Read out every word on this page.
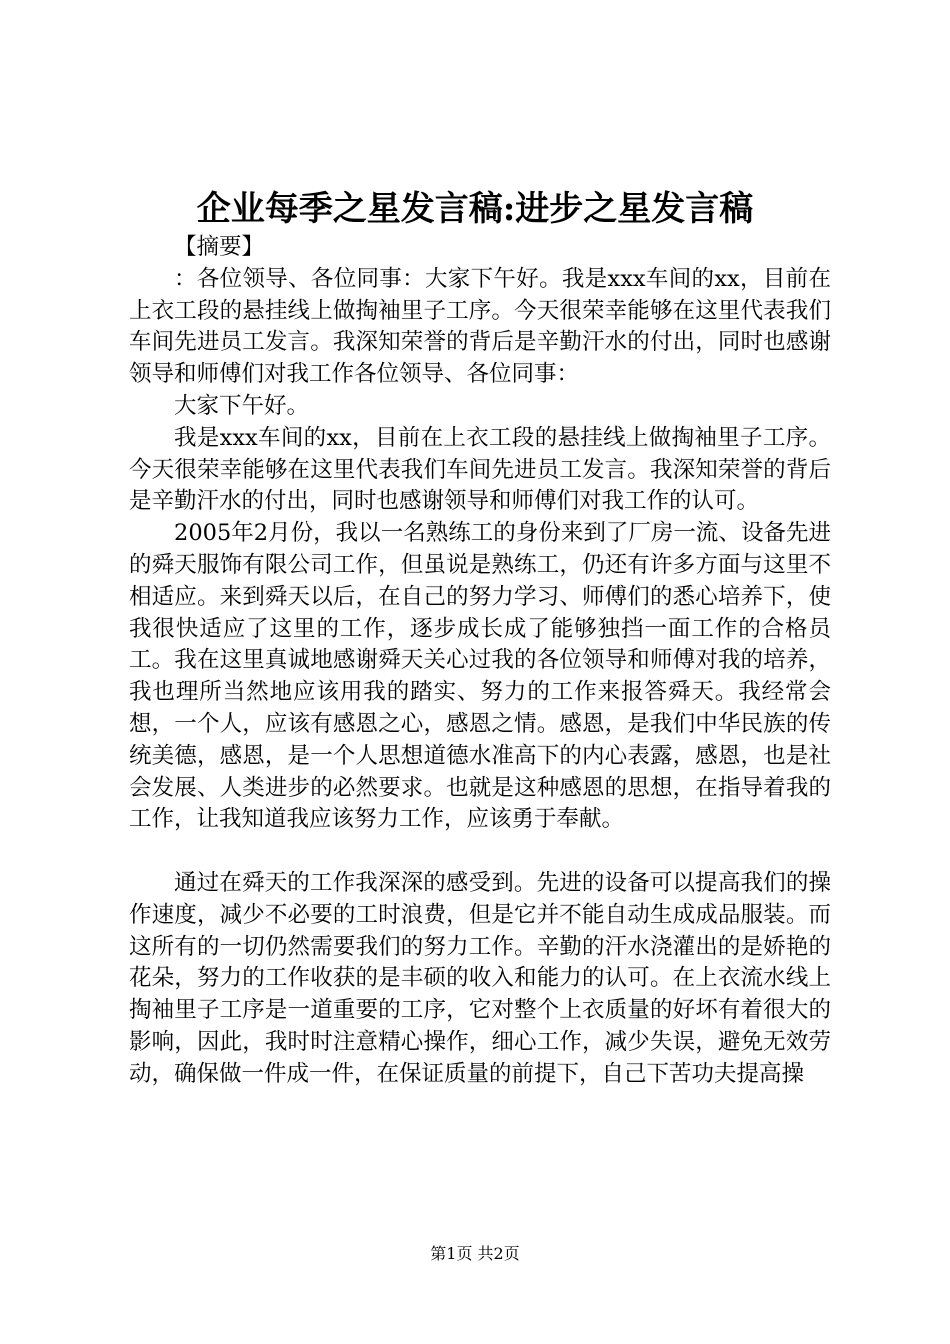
企业每季之星发言稿:进步之星发言稿

【摘要】

：各位领导、各位同事：大家下午好。我是xxx车间的xx，目前在上衣工段的悬挂线上做掏袖里子工序。今天很荣幸能够在这里代表我们车间先进员工发言。我深知荣誉的背后是辛勤汗水的付出，同时也感谢领导和师傅们对我工作各位领导、各位同事：

大家下午好。

我是xxx车间的xx，目前在上衣工段的悬挂线上做掏袖里子工序。今天很荣幸能够在这里代表我们车间先进员工发言。我深知荣誉的背后是辛勤汗水的付出，同时也感谢领导和师傅们对我工作的认可。

2005年2月份，我以一名熟练工的身份来到了厂房一流、设备先进的舜天服饰有限公司工作，但虽说是熟练工，仍还有许多方面与这里不相适应。来到舜天以后，在自己的努力学习、师傅们的悉心培养下，使我很快适应了这里的工作，逐步成长成了能够独挡一面工作的合格员工。我在这里真诚地感谢舜天关心过我的各位领导和师傅对我的培养，我也理所当然地应该用我的踏实、努力的工作来报答舜天。我经常会想，一个人，应该有感恩之心，感恩之情。感恩，是我们中华民族的传统美德，感恩，是一个人思想道德水准高下的内心表露，感恩，也是社会发展、人类进步的必然要求。也就是这种感恩的思想，在指导着我的工作，让我知道我应该努力工作，应该勇于奉献。

通过在舜天的工作我深深的感受到。先进的设备可以提高我们的操作速度，减少不必要的工时浪费，但是它并不能自动生成成品服装。而这所有的一切仍然需要我们的努力工作。辛勤的汗水浇灌出的是娇艳的花朵，努力的工作收获的是丰硕的收入和能力的认可。在上衣流水线上掏袖里子工序是一道重要的工序，它对整个上衣质量的好坏有着很大的影响，因此，我时时注意精心操作，细心工作，减少失误，避免无效劳动，确保做一件成一件，在保证质量的前提下，自己下苦功夫提高操

第1页 共2页
